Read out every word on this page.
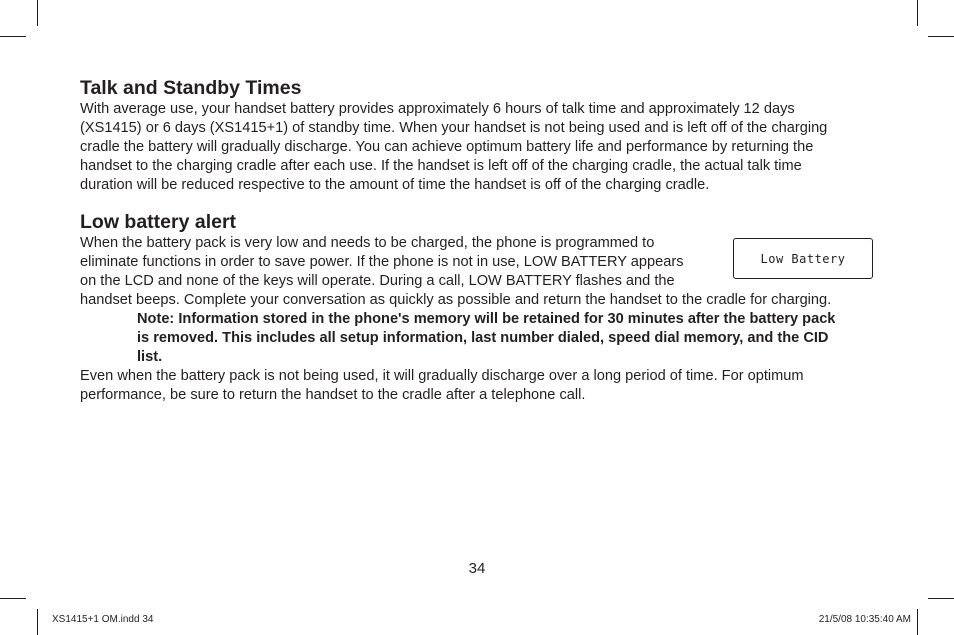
Talk and Standby Times

With average use, your handset battery provides approximately 6 hours of talk time and approximately 12 days

(XS1415) or 6 days (XS1415+1) of standby time. When your handset is not being used and is left off of the charging

cradle the battery will gradually discharge. You can achieve optimum battery life and performance by returning the

handset to the charging cradle after each use. If the handset is left off of the charging cradle, the actual talk time

duration will be reduced respective to the amount of time the handset is off of the charging cradle.

Low battery alert

When the battery pack is very low and needs to be charged, the phone is programmed to

eliminate functions in order to save power. If the phone is not in use, LOW BATTERY appears

on the LCD and none of the keys will operate. During a call, LOW BATTERY flashes and the

handset beeps. Complete your conversation as quickly as possible and return the handset to the cradle for charging.

Note: Information stored in the phone's memory will be retained for 30 minutes after the battery pack
is removed. This includes all setup information, last number dialed, speed dial memory, and the CID
list.

Even when the battery pack is not being used, it will gradually discharge over a long period of time. For optimum

performance, be sure to return the handset to the cradle after a telephone call.

Low Battery
34
XS1415+1 OM.indd 34	21/5/08 10:35:40 AM
